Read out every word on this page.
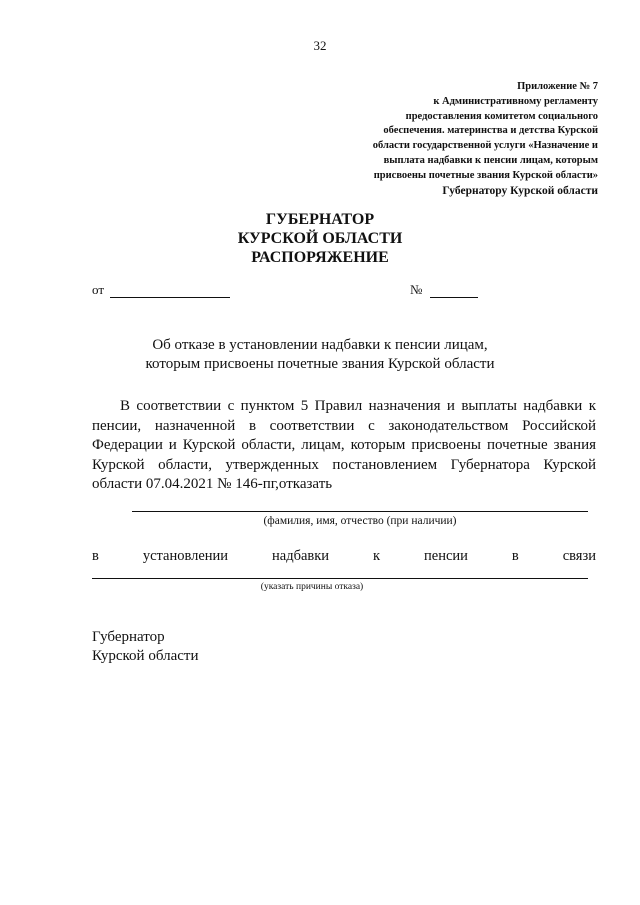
32
Приложение № 7
к Административному регламенту
предоставления комитетом социального
обеспечения. материнства и детства Курской
области государственной услуги «Назначение и
выплата надбавки к пенсии лицам, которым
присвоены почетные звания Курской области»
Губернатору Курской области
ГУБЕРНАТОР
КУРСКОЙ ОБЛАСТИ
РАСПОРЯЖЕНИЕ
от	№
Об отказе в установлении надбавки к пенсии лицам,
которым присвоены почетные звания Курской области
В соответствии с пунктом 5 Правил назначения и выплаты надбавки к пенсии, назначенной в соответствии с законодательством Российской Федерации и Курской области, лицам, которым присвоены почетные звания Курской области, утвержденных постановлением Губернатора Курской области 07.04.2021 № 146-пг,отказать
(фамилия, имя, отчество (при наличии)
в	установлении	надбавки	к	пенсии	в	связи
(указать причины отказа)
Губернатор
Курской области
